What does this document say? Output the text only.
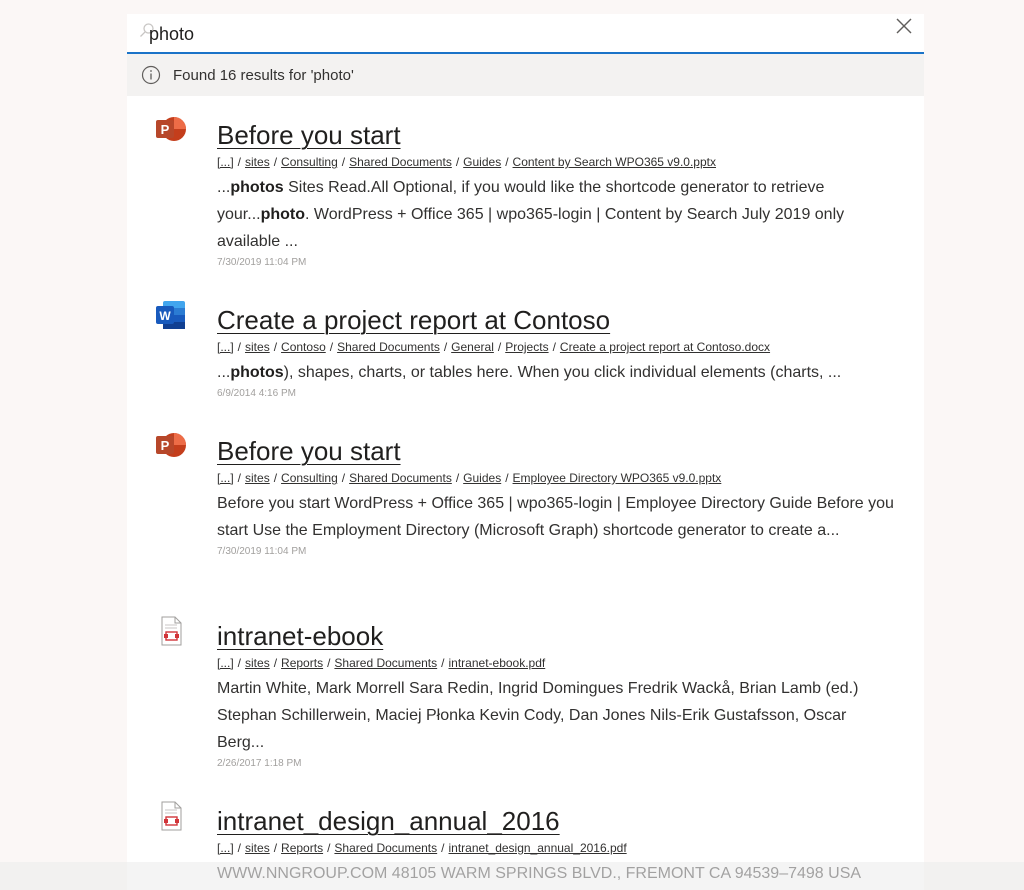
photo
Found 16 results for 'photo'
P Before you start
[...] / sites / Consulting / Shared Documents / Guides / Content by Search WPO365 v9.0.pptx
...photos Sites Read.All Optional, if you would like the shortcode generator to retrieve your...photo. WordPress + Office 365 | wpo365-login | Content by Search July 2019 only available ...
7/30/2019 11:04 PM
W Create a project report at Contoso
[...] / sites / Contoso / Shared Documents / General / Projects / Create a project report at Contoso.docx
...photos), shapes, charts, or tables here. When you click individual elements (charts, ...
6/9/2014 4:16 PM
P Before you start
[...] / sites / Consulting / Shared Documents / Guides / Employee Directory WPO365 v9.0.pptx
Before you start WordPress + Office 365 | wpo365-login | Employee Directory Guide Before you start Use the Employment Directory (Microsoft Graph) shortcode generator to create a...
7/30/2019 11:04 PM
intranet-ebook
[...] / sites / Reports / Shared Documents / intranet-ebook.pdf
Martin White, Mark Morrell Sara Redin, Ingrid Domingues Fredrik Wackå, Brian Lamb (ed.) Stephan Schillerwein, Maciej Płonka Kevin Cody, Dan Jones Nils-Erik Gustafsson, Oscar Berg...
2/26/2017 1:18 PM
intranet_design_annual_2016
[...] / sites / Reports / Shared Documents / intranet_design_annual_2016.pdf
